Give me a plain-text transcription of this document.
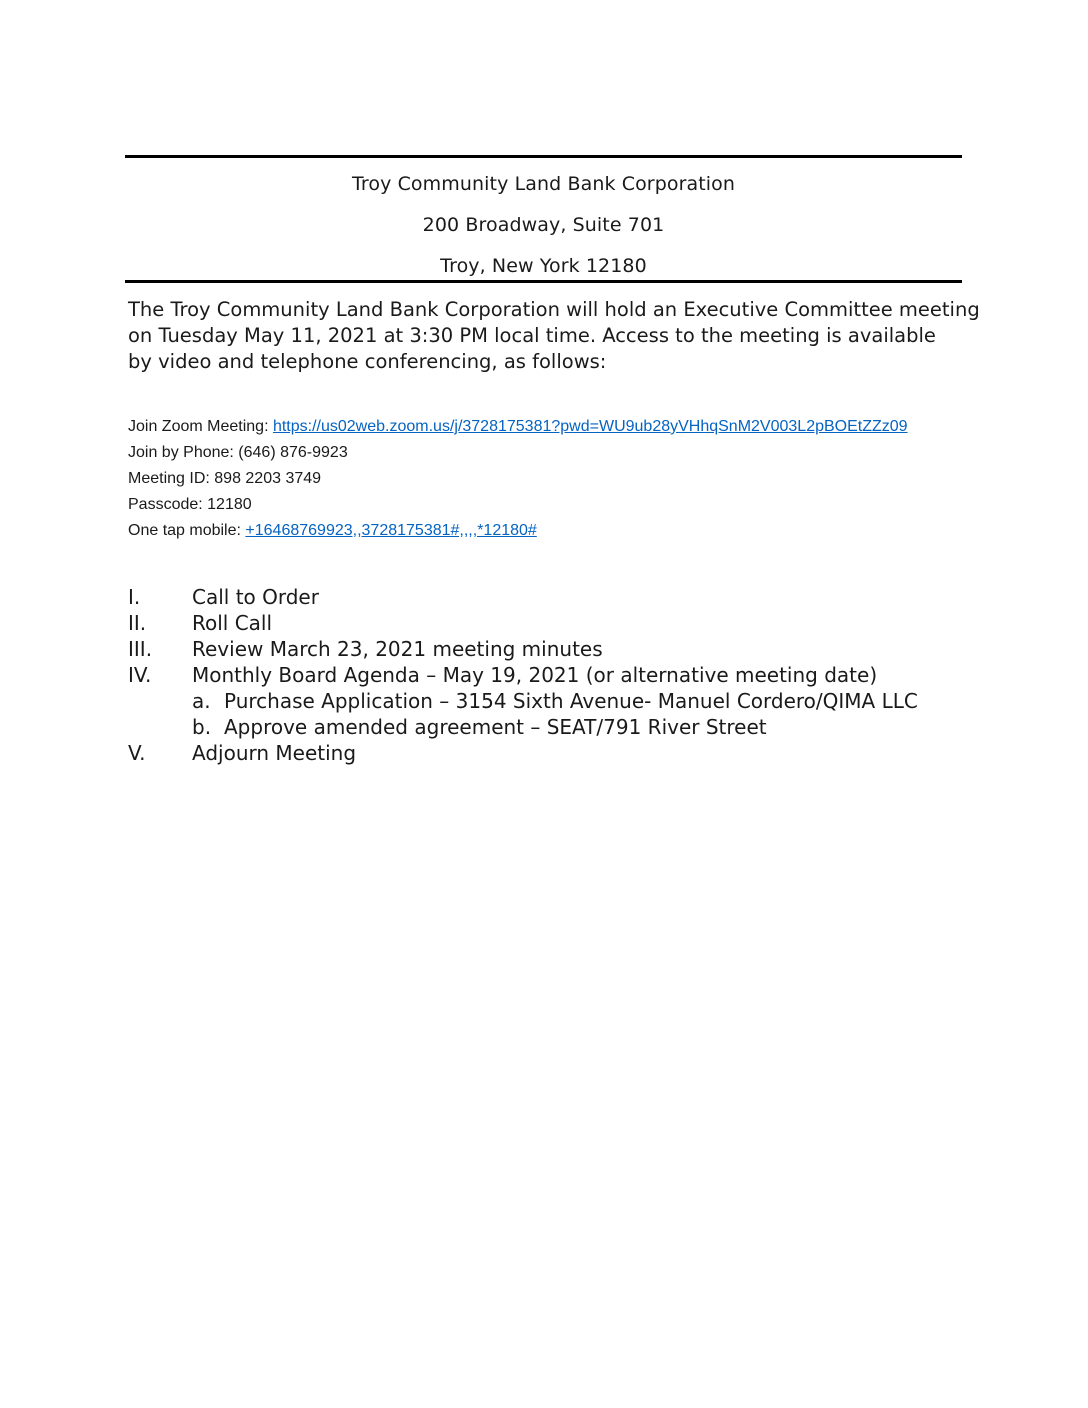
Troy Community Land Bank Corporation
200 Broadway, Suite 701
Troy, New York 12180
The Troy Community Land Bank Corporation will hold an Executive Committee meeting
on Tuesday May 11, 2021 at 3:30 PM local time. Access to the meeting is available
by video and telephone conferencing, as follows:
Join Zoom Meeting: https://us02web.zoom.us/j/3728175381?pwd=WU9ub28yVHhqSnM2V003L2pBOEtZZz09
Join by Phone: (646) 876-9923
Meeting ID: 898 2203 3749
Passcode: 12180
One tap mobile: +16468769923,,3728175381#,,,,*12180#
I.	Call to Order
II. Roll Call
III. Review March 23, 2021 meeting minutes
IV. Monthly Board Agenda – May 19, 2021 (or alternative meeting date)
a. Purchase Application – 3154 Sixth Avenue- Manuel Cordero/QIMA LLC
b. Approve amended agreement – SEAT/791 River Street
V. Adjourn Meeting
